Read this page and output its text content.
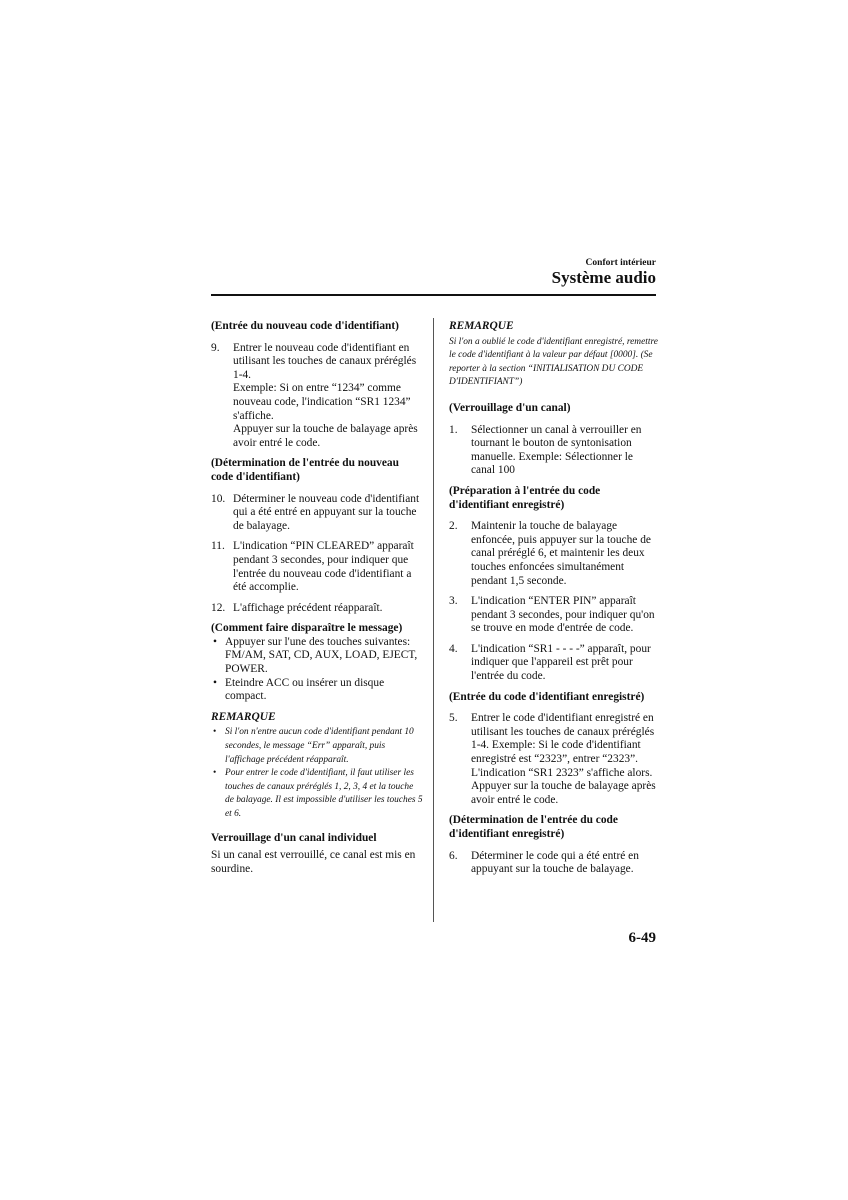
Confort intérieur
Système audio
(Entrée du nouveau code d'identifiant)
9. Entrer le nouveau code d'identifiant en utilisant les touches de canaux préréglés 1-4.
Exemple: Si on entre “1234” comme nouveau code, l'indication “SR1 1234” s'affiche.
Appuyer sur la touche de balayage après avoir entré le code.
(Détermination de l'entrée du nouveau code d'identifiant)
10. Déterminer le nouveau code d'identifiant qui a été entré en appuyant sur la touche de balayage.
11. L'indication “PIN CLEARED” apparaît pendant 3 secondes, pour indiquer que l'entrée du nouveau code d'identifiant a été accomplie.
12. L'affichage précédent réapparaît.
(Comment faire disparaître le message)
• Appuyer sur l'une des touches suivantes: FM/AM, SAT, CD, AUX, LOAD, EJECT, POWER.
• Eteindre ACC ou insérer un disque compact.
REMARQUE
• Si l'on n'entre aucun code d'identifiant pendant 10 secondes, le message “Err” apparaît, puis l'affichage précédent réapparaît.
• Pour entrer le code d'identifiant, il faut utiliser les touches de canaux préréglés 1, 2, 3, 4 et la touche de balayage. Il est impossible d'utiliser les touches 5 et 6.
Verrouillage d'un canal individuel

Si un canal est verrouillé, ce canal est mis en sourdine.

REMARQUE
Si l'on a oublié le code d'identifiant enregistré, remettre le code d'identifiant à la valeur par défaut [0000]. (Se reporter à la section “INITIALISATION DU CODE D'IDENTIFIANT”)
(Verrouillage d'un canal)
1. Sélectionner un canal à verrouiller en tournant le bouton de syntonisation manuelle. Exemple: Sélectionner le canal 100
(Préparation à l'entrée du code d'identifiant enregistré)
2. Maintenir la touche de balayage enfoncée, puis appuyer sur la touche de canal préréglé 6, et maintenir les deux touches enfoncées simultanément pendant 1,5 seconde.
3. L'indication “ENTER PIN” apparaît pendant 3 secondes, pour indiquer qu'on se trouve en mode d'entrée de code.
4. L'indication “SR1 - - - -” apparaît, pour indiquer que l'appareil est prêt pour l'entrée du code.
(Entrée du code d'identifiant enregistré)
5. Entrer le code d'identifiant enregistré en utilisant les touches de canaux préréglés 1-4. Exemple: Si le code d'identifiant enregistré est “2323”, entrer “2323”. L'indication “SR1 2323” s'affiche alors. Appuyer sur la touche de balayage après avoir entré le code.
(Détermination de l'entrée du code d'identifiant enregistré)
6. Déterminer le code qui a été entré en appuyant sur la touche de balayage.
6-49
